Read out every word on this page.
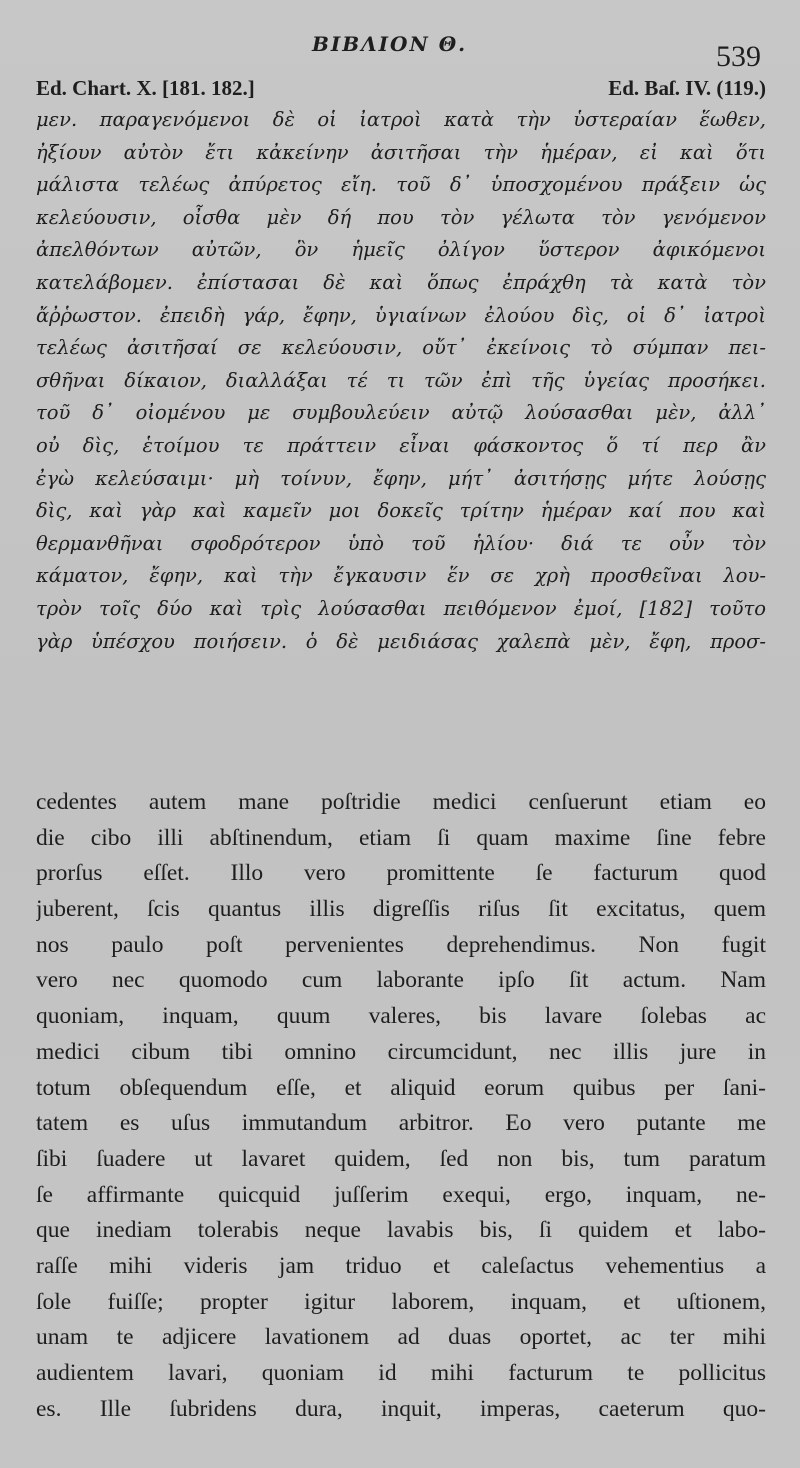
BIBΛΙΟΝ Θ.	539
Ed. Chart. X. [181. 182.]	Ed. Baſ. IV. (119.)
μεν. παραγενόμενοι δὲ οἱ ἰατροὶ κατὰ τὴν ὑστεραίαν ἕωθεν,
ἠξίουν αὐτὸν ἔτι κἀκείνην ἀσιτῆσαι τὴν ἡμέραν, εἰ καὶ ὅτι
μάλιστα τελέως ἀπύρετος εἴη. τοῦ δ᾿ ὑποσχομένου πράξειν ὡς
κελεύουσιν, οἶσθα μὲν δή που τὸν γέλωτα τὸν γενόμενον
ἀπελθόντων αὐτῶν, ὃν ἡμεῖς ὀλίγον ὕστερον ἀφικόμενοι
κατελάβομεν. ἐπίστασαι δὲ καὶ ὅπως ἐπράχθη τὰ κατὰ τὸν
ἄῤῥωστον. ἐπειδὴ γάρ, ἔφην, ὑγιαίνων ἐλούου δὶς, οἱ δ᾿ ἰατροὶ
τελέως ἀσιτῆσαί σε κελεύουσιν, οὔτ᾿ ἐκείνοις τὸ σύμπαν πει-
σθῆναι δίκαιον, διαλλάξαι τέ τι τῶν ἐπὶ τῆς ὑγείας προσήκει.
τοῦ δ᾿ οἰομένου με συμβουλεύειν αὐτῷ λούσασθαι μὲν, ἀλλ᾿
οὐ δὶς, ἑτοίμου τε πράττειν εἶναι φάσκοντος ὅ τί περ ἂν
ἐγὼ κελεύσαιμι· μὴ τοίνυν, ἔφην, μήτ᾿ ἀσιτήσῃς μήτε λούσῃς
δὶς, καὶ γὰρ καὶ καμεῖν μοι δοκεῖς τρίτην ἡμέραν καί που καὶ
θερμανθῆναι σφοδρότερον ὑπὸ τοῦ ἡλίου· διά τε οὖν τὸν
κάματον, ἔφην, καὶ τὴν ἔγκαυσιν ἕν σε χρὴ προσθεῖναι λου-
τρὸν τοῖς δύο καὶ τρὶς λούσασθαι πειθόμενον ἐμοί, [182] τοῦτο
γὰρ ὑπέσχου ποιήσειν. ὁ δὲ μειδιάσας χαλεπὰ μὲν, ἔφη, προσ-
cedentes autem mane poſtridie medici cenſuerunt etiam eo
die cibo illi abſtinendum, etiam ſi quam maxime ſine febre
prorſus eſſet. Illo vero promittente ſe facturum quod
juberent, ſcis quantus illis digreſſis riſus ſit excitatus, quem
nos paulo poſt pervenientes deprehendimus. Non fugit
vero nec quomodo cum laborante ipſo ſit actum. Nam
quoniam, inquam, quum valeres, bis lavare ſolebas ac
medici cibum tibi omnino circumcidunt, nec illis jure in
totum obſequendum eſſe, et aliquid eorum quibus per ſani-
tatem es uſus immutandum arbitror. Eo vero putante me
ſibi ſuadere ut lavaret quidem, ſed non bis, tum paratum
ſe affirmante quicquid juſſerim exequi, ergo, inquam, ne-
que inediam tolerabis neque lavabis bis, ſi quidem et labo-
raſſe mihi videris jam triduo et caleſactus vehementius a
ſole fuiſſe; propter igitur laborem, inquam, et uſtionem,
unam te adjicere lavationem ad duas oportet, ac ter mihi
audientem lavari, quoniam id mihi facturum te pollicitus
es. Ille ſubridens dura, inquit, imperas, caeterum quo-
